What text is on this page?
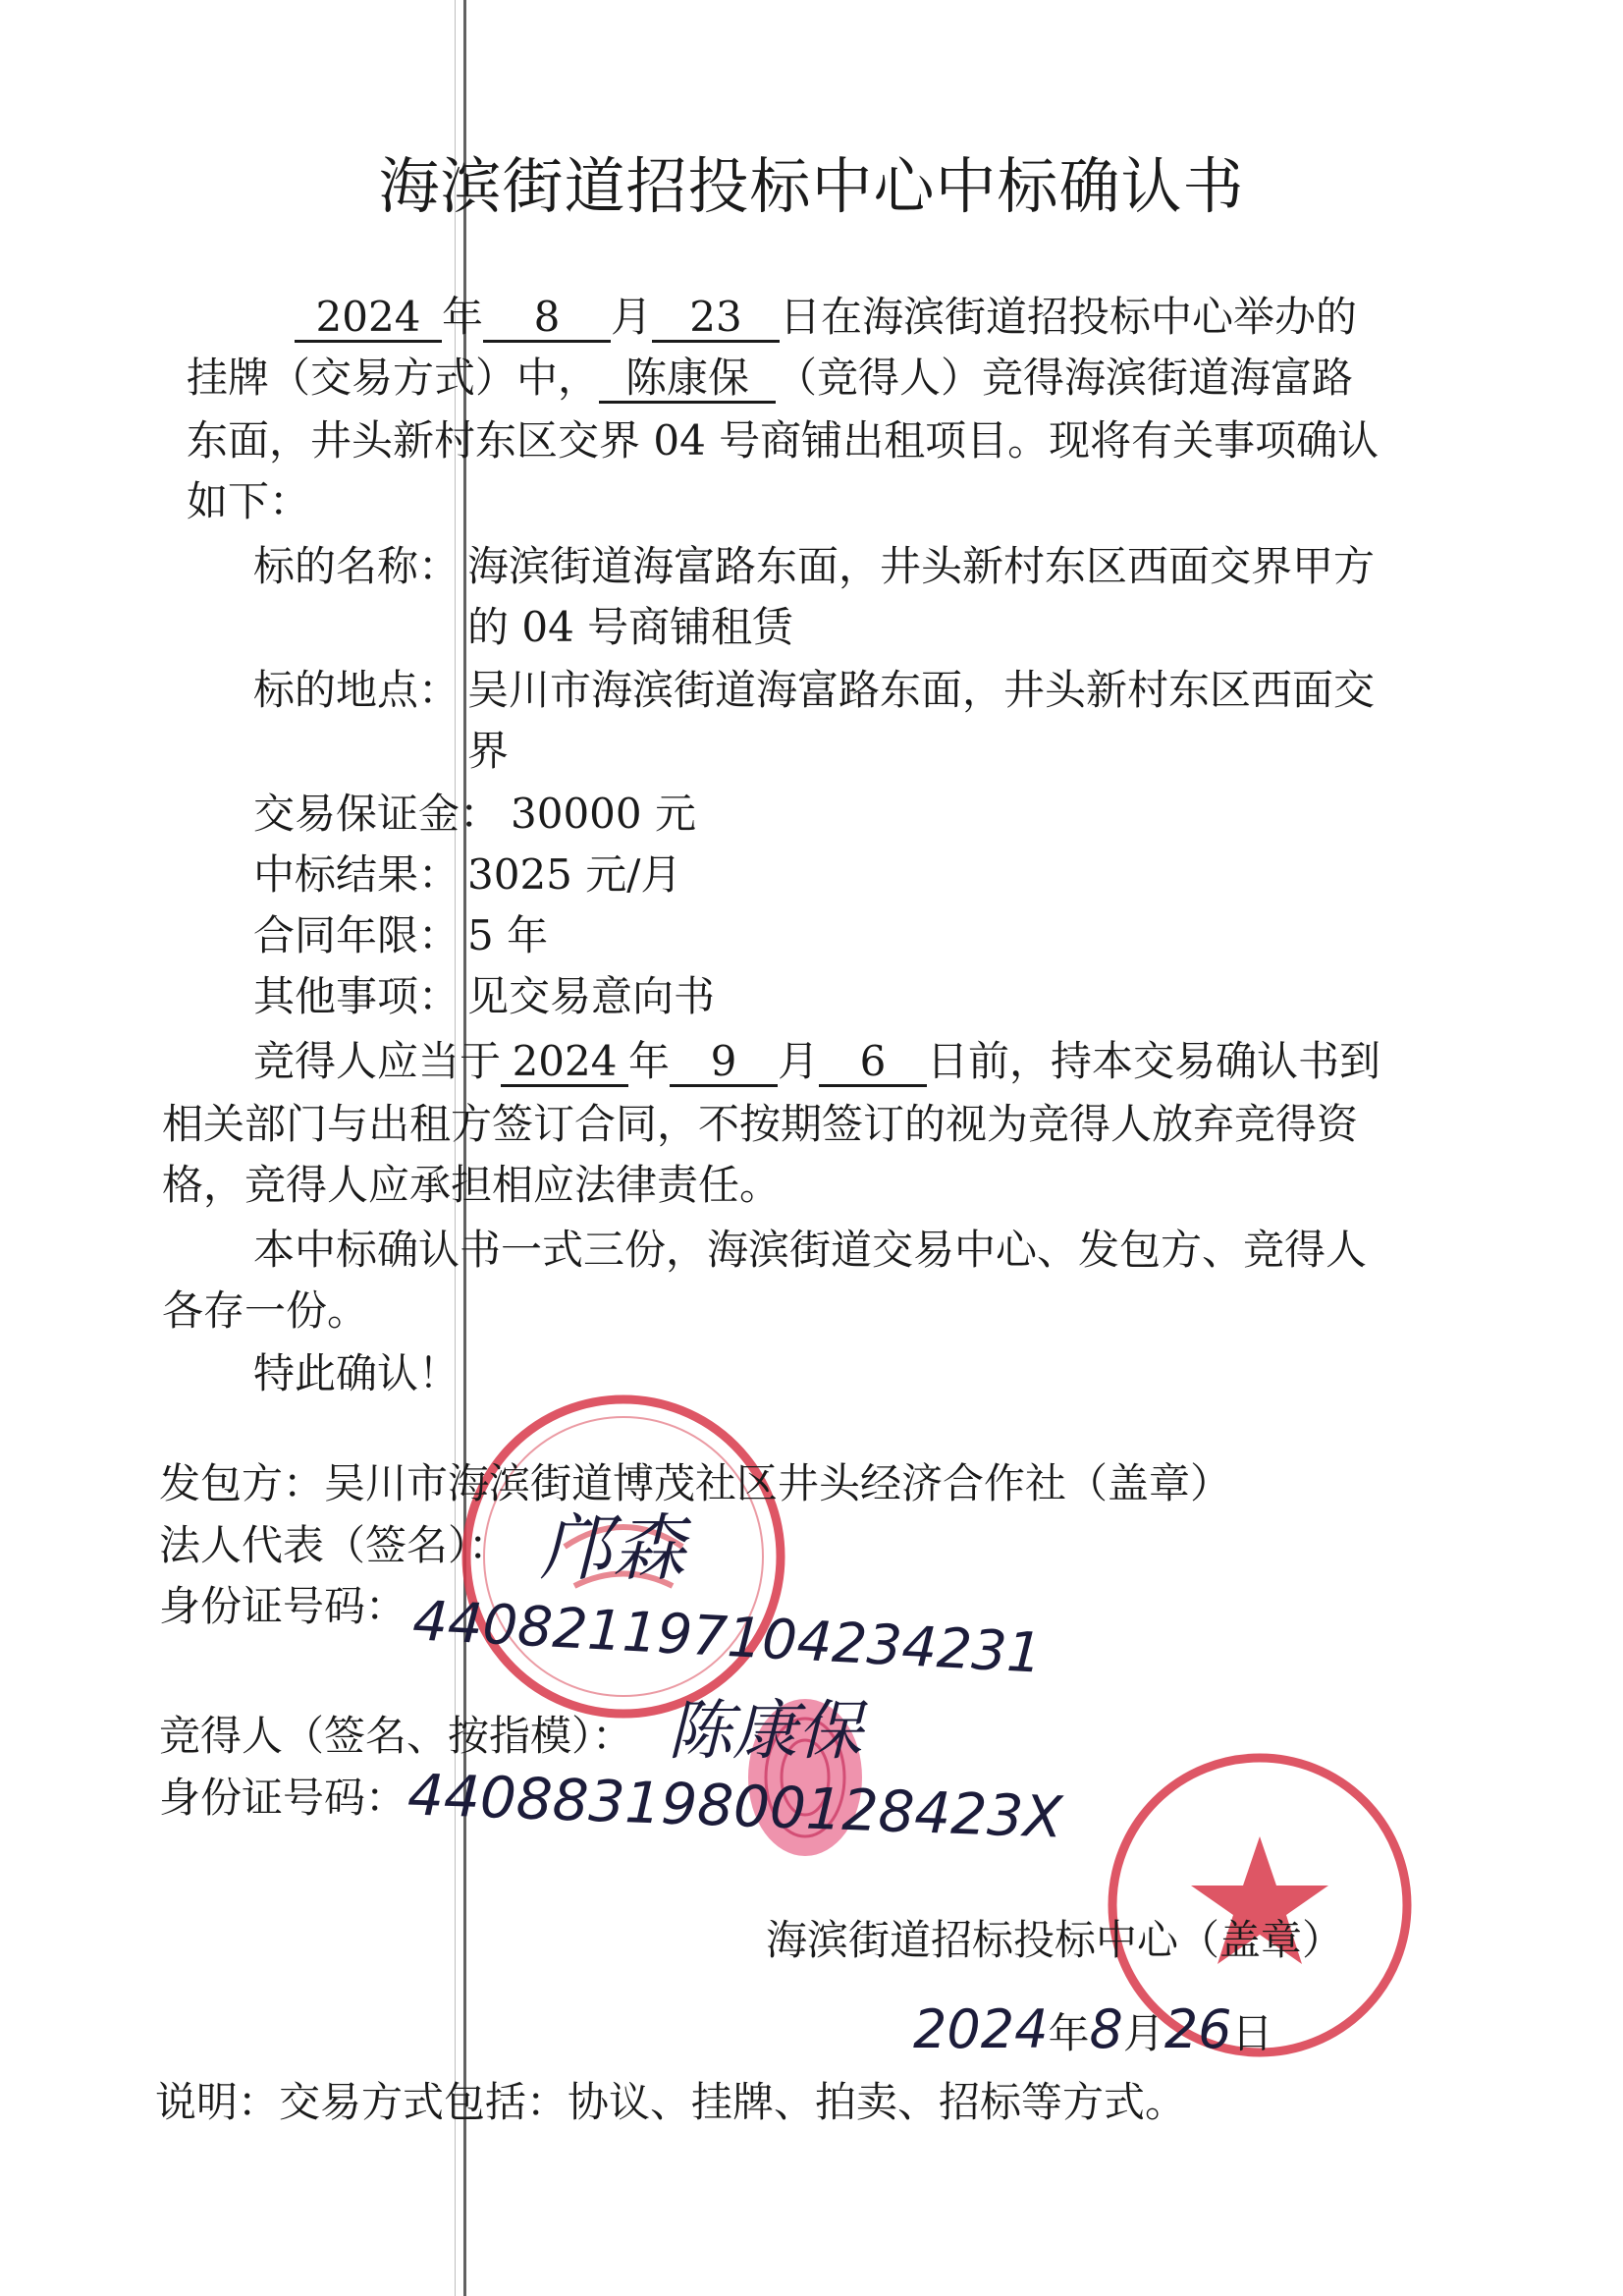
海滨街道招投标中心中标确认书
2024 年 8 月 23 日在海滨街道招投标中心举办的
挂牌（交易方式）中， 陈康保 （竞得人）竞得海滨街道海富路
东面，井头新村东区交界 04 号商铺出租项目。现将有关事项确认
如下：
标的名称： 海滨街道海富路东面，井头新村东区西面交界甲方
的 04 号商铺租赁
标的地点： 吴川市海滨街道海富路东面，井头新村东区西面交
界
交易保证金： 30000 元
中标结果： 3025 元/月
合同年限： 5 年
其他事项： 见交易意向书
竞得人应当于 2024 年 9 月 6 日前，持本交易确认书到
相关部门与出租方签订合同，不按期签订的视为竞得人放弃竞得资
格，竞得人应承担相应法律责任。
本中标确认书一式三份，海滨街道交易中心、发包方、竞得人
各存一份。
特此确认！
发包方：吴川市海滨街道博茂社区井头经济合作社（盖章）
法人代表（签名）： 邝森
身份证号码： 440821197104234231
竞得人（签名、按指模）： 陈康保
身份证号码： 44088319800128423X
海滨街道招标投标中心（盖章）
2024年8月26日
说明：交易方式包括：协议、挂牌、拍卖、招标等方式。
